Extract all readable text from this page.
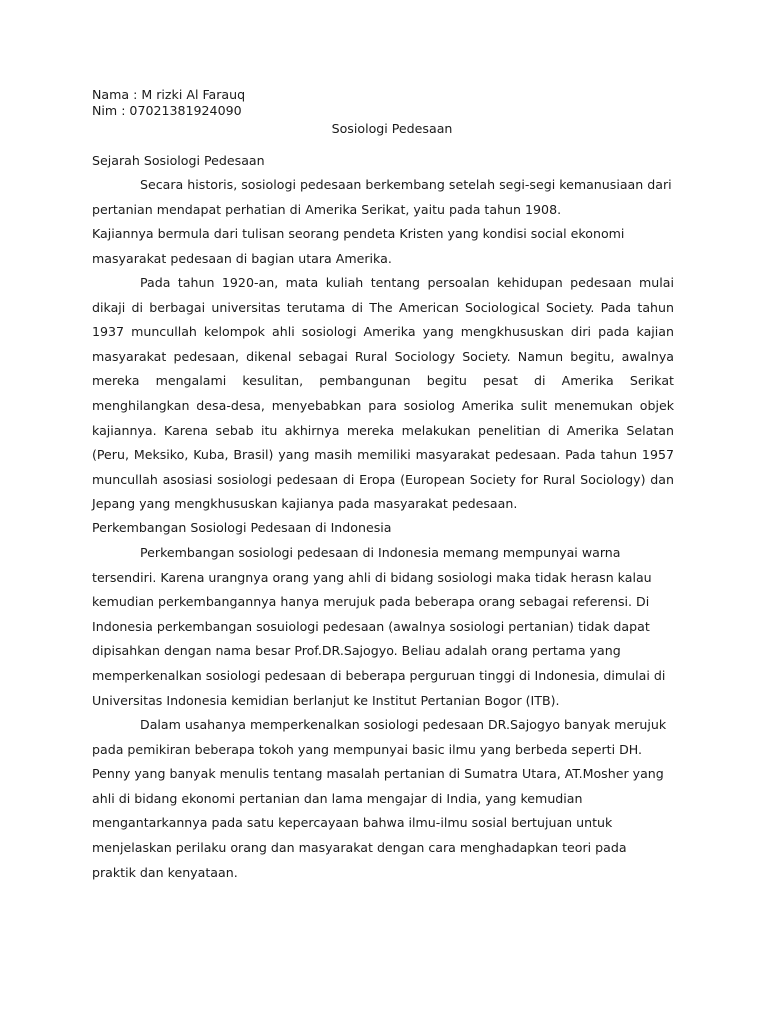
Nama : M rizki Al Farauq
Nim : 07021381924090
Sosiologi Pedesaan
Sejarah Sosiologi Pedesaan

Secara historis, sosiologi pedesaan berkembang setelah segi-segi kemanusiaan dari pertanian mendapat perhatian di Amerika Serikat, yaitu pada tahun 1908.

Kajiannya bermula dari tulisan seorang pendeta Kristen yang kondisi social ekonomi masyarakat pedesaan di bagian utara Amerika.

Pada tahun 1920-an, mata kuliah tentang persoalan kehidupan pedesaan mulai dikaji di berbagai universitas terutama di The American Sociological Society. Pada tahun 1937 muncullah kelompok ahli sosiologi Amerika yang mengkhususkan diri pada kajian masyarakat pedesaan, dikenal sebagai Rural Sociology Society. Namun begitu, awalnya mereka mengalami kesulitan, pembangunan begitu pesat di Amerika Serikat menghilangkan desa-desa, menyebabkan para sosiolog Amerika sulit menemukan objek kajiannya. Karena sebab itu akhirnya mereka melakukan penelitian di Amerika Selatan (Peru, Meksiko, Kuba, Brasil) yang masih memiliki masyarakat pedesaan. Pada tahun 1957 muncullah asosiasi sosiologi pedesaan di Eropa (European Society for Rural Sociology) dan Jepang yang mengkhususkan kajianya pada masyarakat pedesaan.

Perkembangan Sosiologi Pedesaan di Indonesia

Perkembangan sosiologi pedesaan di Indonesia memang mempunyai warna tersendiri. Karena urangnya orang yang ahli di bidang sosiologi maka tidak herasn kalau kemudian perkembangannya hanya merujuk pada beberapa orang sebagai referensi. Di Indonesia perkembangan sosuiologi pedesaan (awalnya sosiologi pertanian) tidak dapat dipisahkan dengan nama besar Prof.DR.Sajogyo. Beliau adalah orang pertama yang memperkenalkan sosiologi pedesaan di beberapa perguruan tinggi di Indonesia, dimulai di Universitas Indonesia kemidian berlanjut ke Institut Pertanian Bogor (ITB).

Dalam usahanya memperkenalkan sosiologi pedesaan DR.Sajogyo banyak merujuk pada pemikiran beberapa tokoh yang mempunyai basic ilmu yang berbeda seperti DH. Penny yang banyak menulis tentang masalah pertanian di Sumatra Utara, AT.Mosher yang ahli di bidang ekonomi pertanian dan lama mengajar di India, yang kemudian mengantarkannya pada satu kepercayaan bahwa ilmu-ilmu sosial bertujuan untuk menjelaskan perilaku orang dan masyarakat dengan cara menghadapkan teori pada praktik dan kenyataan.
